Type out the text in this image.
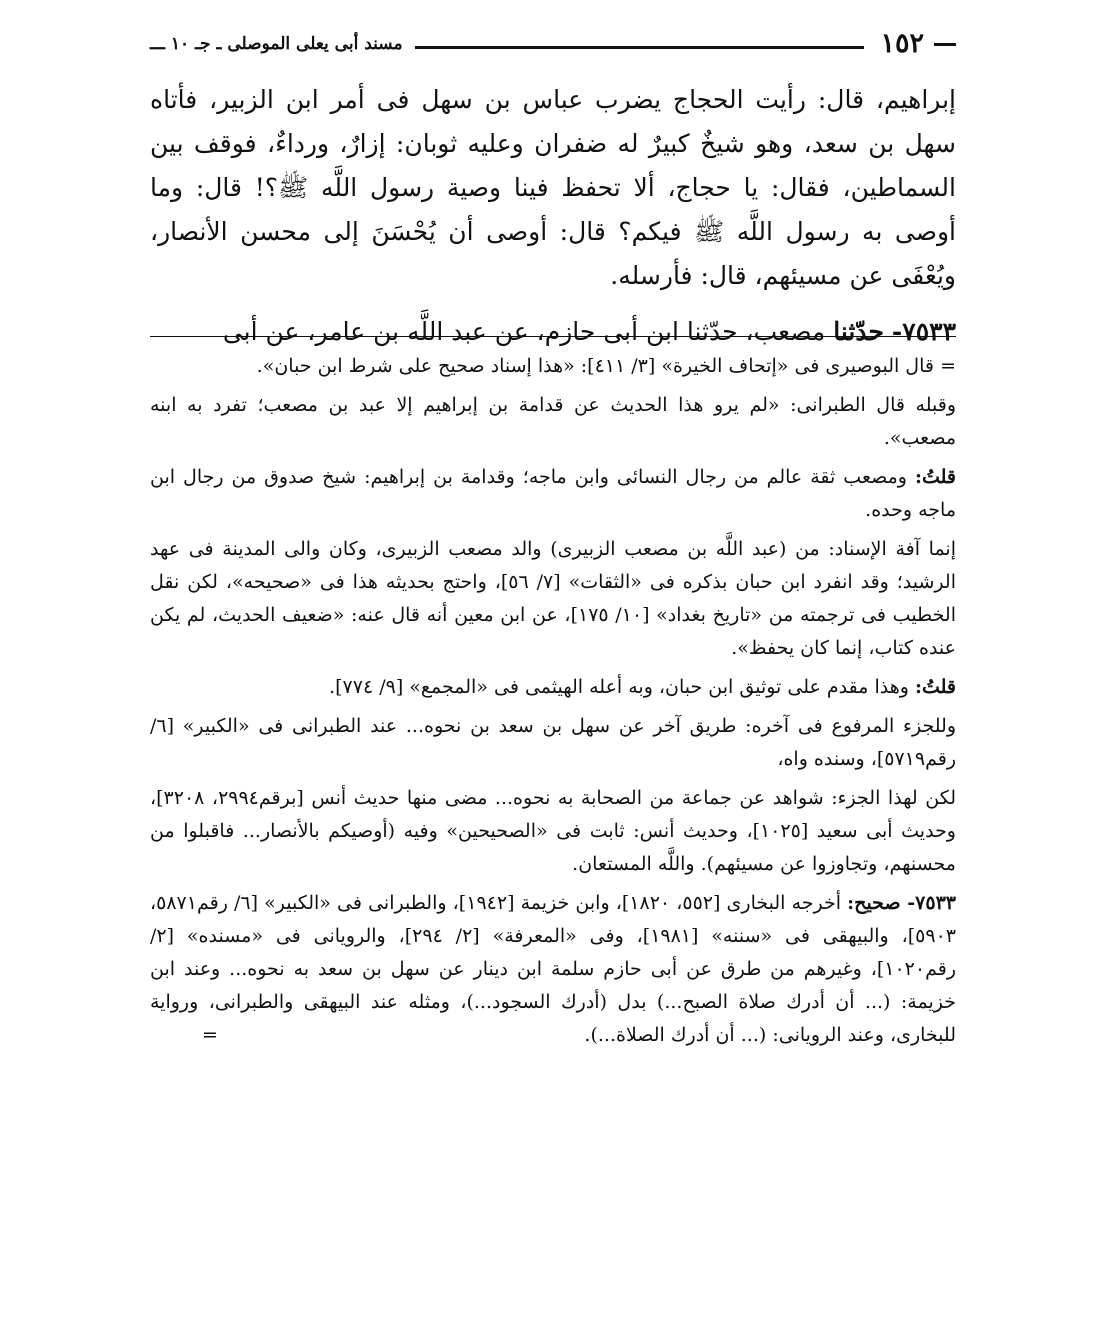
١٥٢
مسند أبى يعلى الموصلى ـ جـ ١٠ ـــ

إبراهيم، قال: رأيت الحجاج يضرب عباس بن سهل فى أمر ابن الزبير، فأتاه سهل بن سعد، وهو شيخٌ كبيرٌ له ضفران وعليه ثوبان: إزارٌ، ورداءٌ، فوقف بين السماطين، فقال: يا حجاج، ألا تحفظ فينا وصية رسول اللَّه ﷺ؟! قال: وما أوصى به رسول اللَّه ﷺ فيكم؟ قال: أوصى أن يُحْسَنَ إلى محسن الأنصار، ويُعْفَى عن مسيئهم، قال: فأرسله.

٧٥٣٣- حدّثنا مصعب، حدّثنا ابن أبى حازم، عن عبد اللَّه بن عامر، عن أبى

=
قال البوصيرى فى «إتحاف الخيرة» [٣/ ٤١١]: «هذا إسناد صحيح على شرط ابن حبان».

وقبله قال الطبرانى: «لم يرو هذا الحديث عن قدامة بن إبراهيم إلا عبد بن مصعب؛ تفرد به ابنه مصعب».

قلتُ: ومصعب ثقة عالم من رجال النسائى وابن ماجه؛ وقدامة بن إبراهيم: شيخ صدوق من رجال ابن ماجه وحده.

إنما آفة الإسناد: من (عبد اللَّه بن مصعب الزبيرى) والد مصعب الزبيرى، وكان والى المدينة فى عهد الرشيد؛ وقد انفرد ابن حبان بذكره فى «الثقات» [٧/ ٥٦]، واحتج بحديثه هذا فى «صحيحه»، لكن نقل الخطيب فى ترجمته من «تاريخ بغداد» [١٠/ ١٧٥]، عن ابن معين أنه قال عنه: «ضعيف الحديث، لم يكن عنده كتاب، إنما كان يحفظ».

قلتُ: وهذا مقدم على توثيق ابن حبان، وبه أعله الهيثمى فى «المجمع» [٩/ ٧٧٤].

وللجزء المرفوع فى آخره: طريق آخر عن سهل بن سعد بن نحوه... عند الطبرانى فى «الكبير» [٦/ رقم٥٧١٩]، وسنده واه،

لكن لهذا الجزء: شواهد عن جماعة من الصحابة به نحوه... مضى منها حديث أنس [برقم٢٩٩٤، ٣٢٠٨]، وحديث أبى سعيد [١٠٢٥]، وحديث أنس: ثابت فى «الصحيحين» وفيه (أوصيكم بالأنصار... فاقبلوا من محسنهم، وتجاوزوا عن مسيئهم). واللَّه المستعان.

٧٥٣٣- صحيح: أخرجه البخارى [٥٥٢، ١٨٢٠]، وابن خزيمة [١٩٤٢]، والطبرانى فى «الكبير» [٦/ رقم٥٨٧١، ٥٩٠٣]، والبيهقى فى «سننه» [١٩٨١]، وفى «المعرفة» [٢/ ٢٩٤]، والرويانى فى «مسنده» [٢/ رقم١٠٢٠]، وغيرهم من طرق عن أبى حازم سلمة ابن دينار عن سهل بن سعد به نحوه... وعند ابن خزيمة: (... أن أدرك صلاة الصبح...) بدل (أدرك السجود...)، ومثله عند البيهقى والطبرانى، ورواية للبخارى، وعند الرويانى: (... أن أدرك الصلاة...).
=
